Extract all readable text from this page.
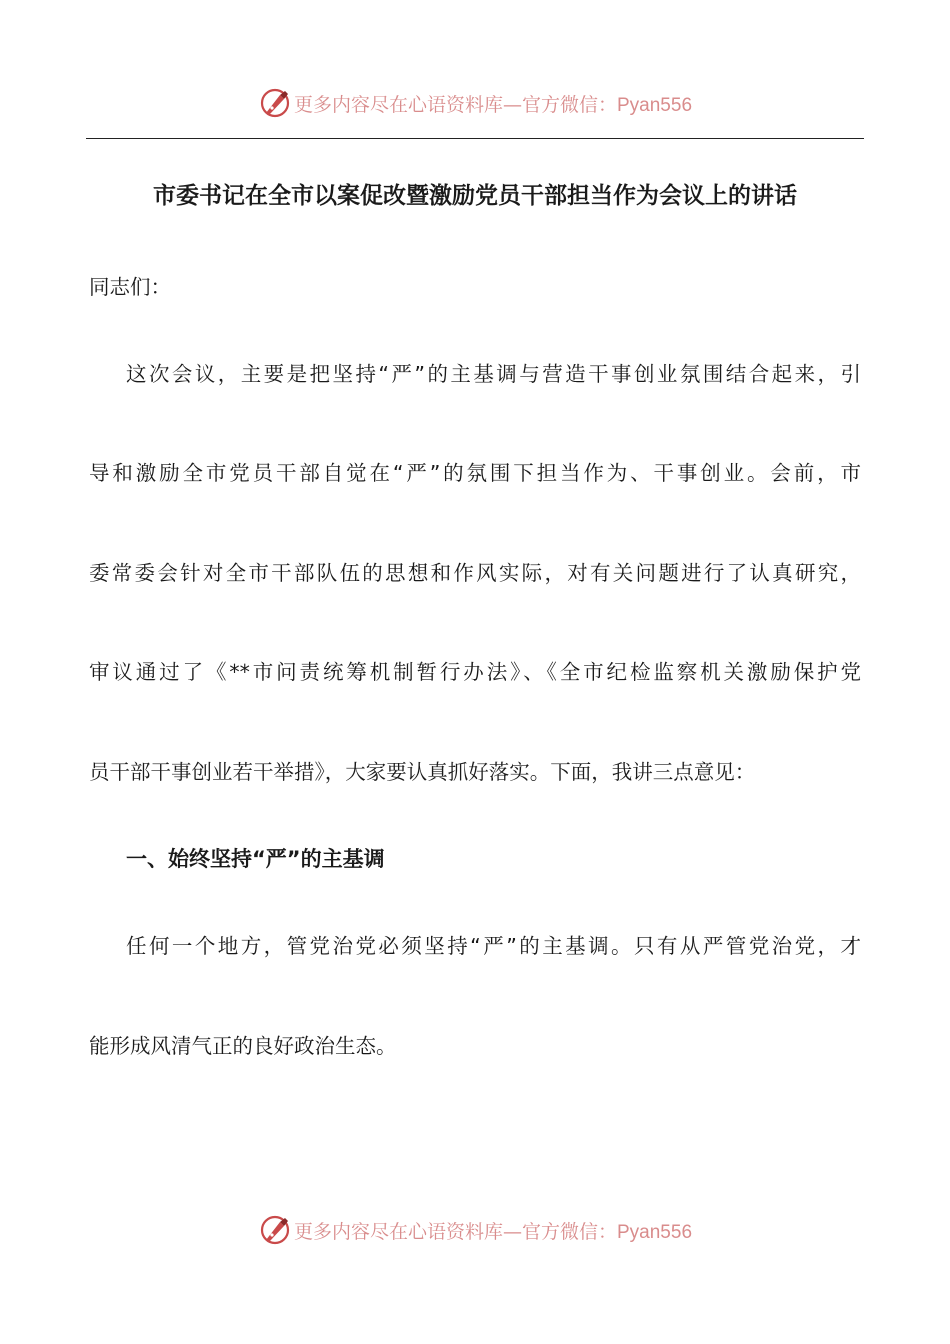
更多内容尽在心语资料库—官方微信：Pyan556
市委书记在全市以案促改暨激励党员干部担当作为会议上的讲话
同志们：
这次会议，主要是把坚持“严”的主基调与营造干事创业氛围结合起来，引
导和激励全市党员干部自觉在“严”的氛围下担当作为、干事创业。会前，市
委常委会针对全市干部队伍的思想和作风实际，对有关问题进行了认真研究，
审议通过了《**市问责统筹机制暂行办法》、《全市纪检监察机关激励保护党
员干部干事创业若干举措》，大家要认真抓好落实。下面，我讲三点意见：
一、始终坚持“严”的主基调
任何一个地方，管党治党必须坚持“严”的主基调。只有从严管党治党，才
能形成风清气正的良好政治生态。
更多内容尽在心语资料库—官方微信：Pyan556
